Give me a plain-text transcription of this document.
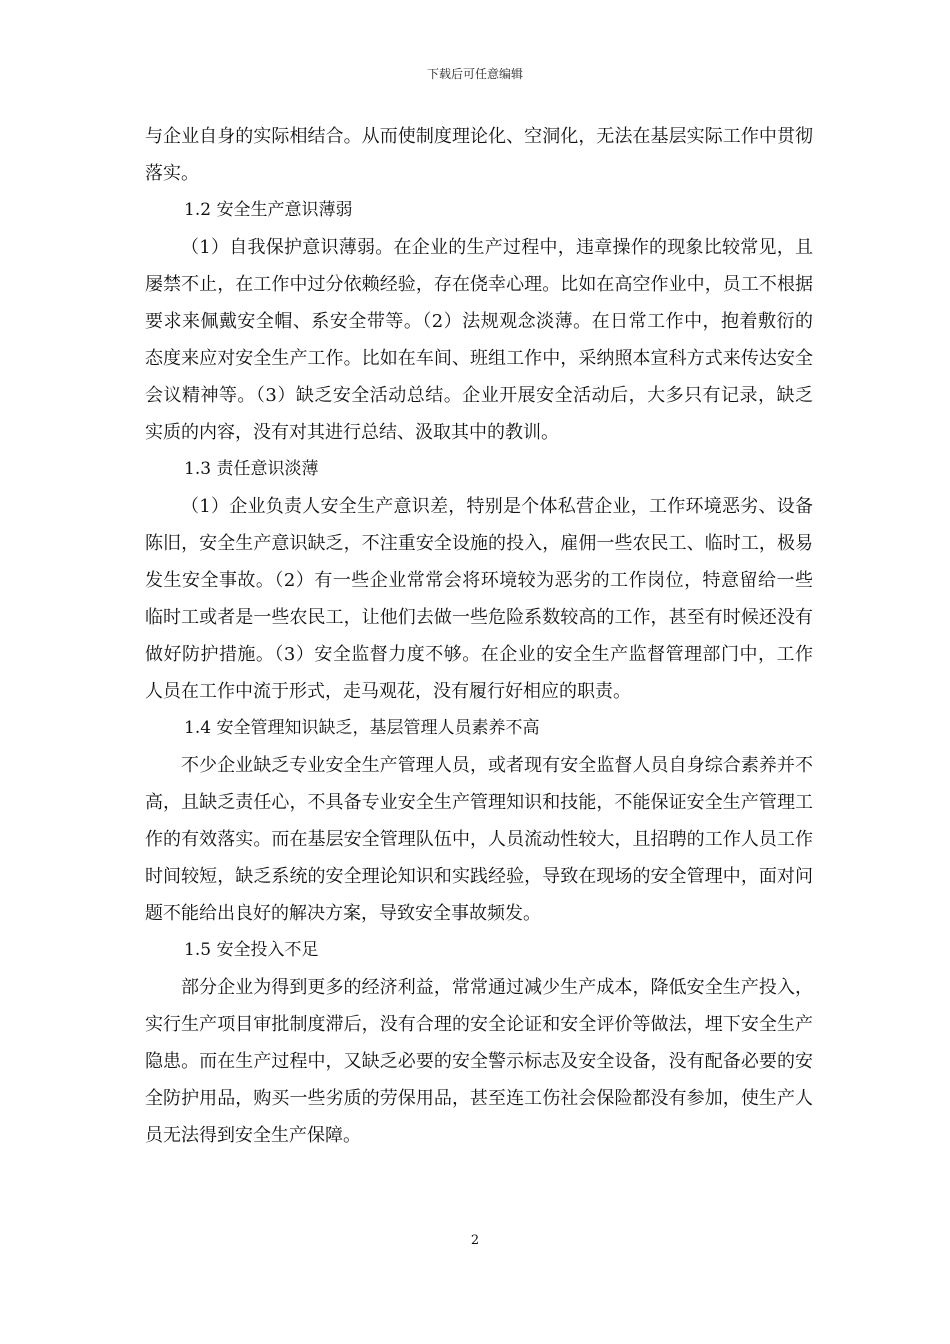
下载后可任意编辑

与企业自身的实际相结合。从而使制度理论化、空洞化，无法在基层实际工作中贯彻落实。

1.2 安全生产意识薄弱

（1）自我保护意识薄弱。在企业的生产过程中，违章操作的现象比较常见，且屡禁不止，在工作中过分依赖经验，存在侥幸心理。比如在高空作业中，员工不根据要求来佩戴安全帽、系安全带等。（2）法规观念淡薄。在日常工作中，抱着敷衍的态度来应对安全生产工作。比如在车间、班组工作中，采纳照本宣科方式来传达安全会议精神等。（3）缺乏安全活动总结。企业开展安全活动后，大多只有记录，缺乏实质的内容，没有对其进行总结、汲取其中的教训。

1.3 责任意识淡薄

（1）企业负责人安全生产意识差，特别是个体私营企业，工作环境恶劣、设备陈旧，安全生产意识缺乏，不注重安全设施的投入，雇佣一些农民工、临时工，极易发生安全事故。（2）有一些企业常常会将环境较为恶劣的工作岗位，特意留给一些临时工或者是一些农民工，让他们去做一些危险系数较高的工作，甚至有时候还没有做好防护措施。（3）安全监督力度不够。在企业的安全生产监督管理部门中，工作人员在工作中流于形式，走马观花，没有履行好相应的职责。

1.4 安全管理知识缺乏，基层管理人员素养不高

不少企业缺乏专业安全生产管理人员，或者现有安全监督人员自身综合素养并不高，且缺乏责任心，不具备专业安全生产管理知识和技能，不能保证安全生产管理工作的有效落实。而在基层安全管理队伍中，人员流动性较大，且招聘的工作人员工作时间较短，缺乏系统的安全理论知识和实践经验，导致在现场的安全管理中，面对问题不能给出良好的解决方案，导致安全事故频发。

1.5 安全投入不足

部分企业为得到更多的经济利益，常常通过减少生产成本，降低安全生产投入，实行生产项目审批制度滞后，没有合理的安全论证和安全评价等做法，埋下安全生产隐患。而在生产过程中，又缺乏必要的安全警示标志及安全设备，没有配备必要的安全防护用品，购买一些劣质的劳保用品，甚至连工伤社会保险都没有参加，使生产人员无法得到安全生产保障。

2
